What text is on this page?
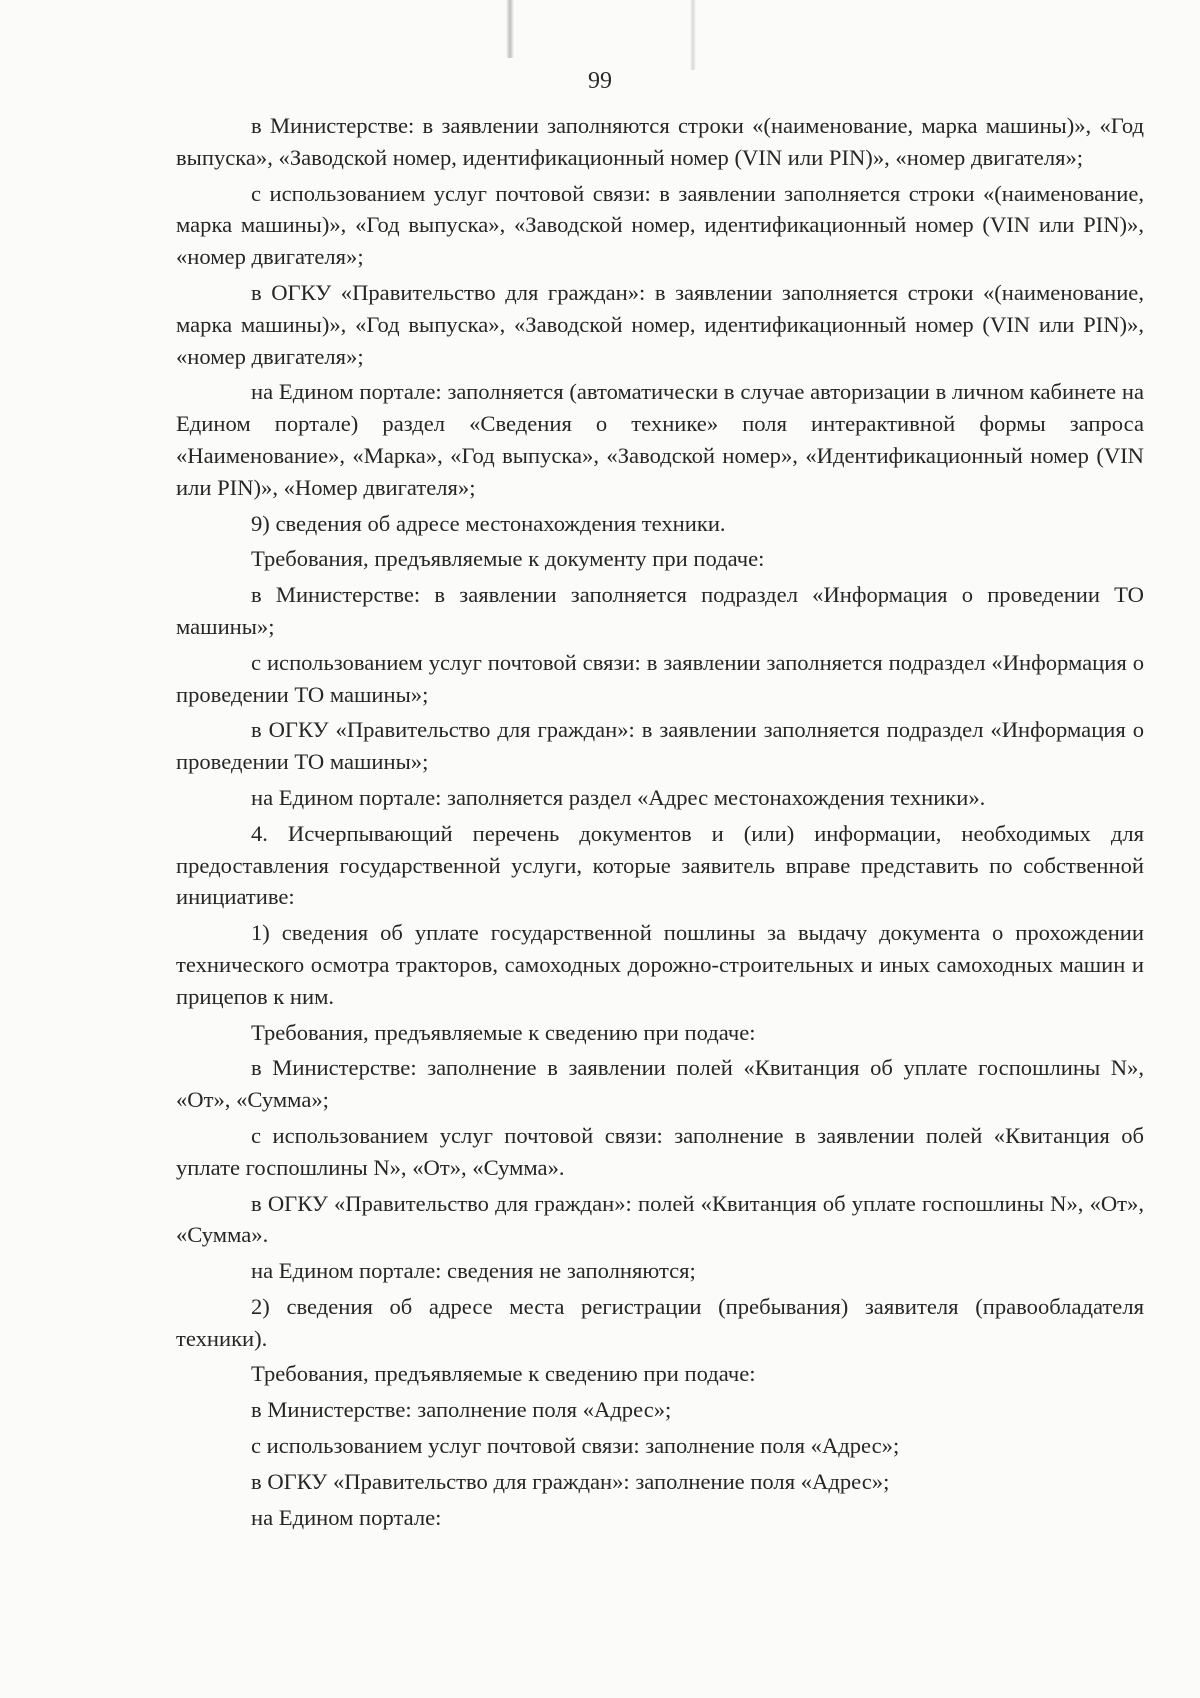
99

в Министерстве: в заявлении заполняются строки «(наименование, марка машины)», «Год выпуска», «Заводской номер, идентификационный номер (VIN или PIN)», «номер двигателя»;

с использованием услуг почтовой связи: в заявлении заполняется строки «(наименование, марка машины)», «Год выпуска», «Заводской номер, идентификационный номер (VIN или PIN)», «номер двигателя»;

в ОГКУ «Правительство для граждан»: в заявлении заполняется строки «(наименование, марка машины)», «Год выпуска», «Заводской номер, идентификационный номер (VIN или PIN)», «номер двигателя»;

на Едином портале: заполняется (автоматически в случае авторизации в личном кабинете на Едином портале) раздел «Сведения о технике» поля интерактивной формы запроса «Наименование», «Марка», «Год выпуска», «Заводской номер», «Идентификационный номер (VIN или PIN)», «Номер двигателя»;

9) сведения об адресе местонахождения техники.

Требования, предъявляемые к документу при подаче:

в Министерстве: в заявлении заполняется подраздел «Информация о проведении ТО машины»;

с использованием услуг почтовой связи: в заявлении заполняется подраздел «Информация о проведении ТО машины»;

в ОГКУ «Правительство для граждан»: в заявлении заполняется подраздел «Информация о проведении ТО машины»;

на Едином портале: заполняется раздел «Адрес местонахождения техники».

4. Исчерпывающий перечень документов и (или) информации, необходимых для предоставления государственной услуги, которые заявитель вправе представить по собственной инициативе:

1) сведения об уплате государственной пошлины за выдачу документа о прохождении технического осмотра тракторов, самоходных дорожно-строительных и иных самоходных машин и прицепов к ним.

Требования, предъявляемые к сведению при подаче:

в Министерстве: заполнение в заявлении полей «Квитанция об уплате госпошлины N», «От», «Сумма»;

с использованием услуг почтовой связи: заполнение в заявлении полей «Квитанция об уплате госпошлины N», «От», «Сумма».

в ОГКУ «Правительство для граждан»: полей «Квитанция об уплате госпошлины N», «От», «Сумма».

на Едином портале: сведения не заполняются;

2) сведения об адресе места регистрации (пребывания) заявителя (правообладателя техники).

Требования, предъявляемые к сведению при подаче:

в Министерстве: заполнение поля «Адрес»;

с использованием услуг почтовой связи: заполнение поля «Адрес»;

в ОГКУ «Правительство для граждан»: заполнение поля «Адрес»;

на Едином портале:
